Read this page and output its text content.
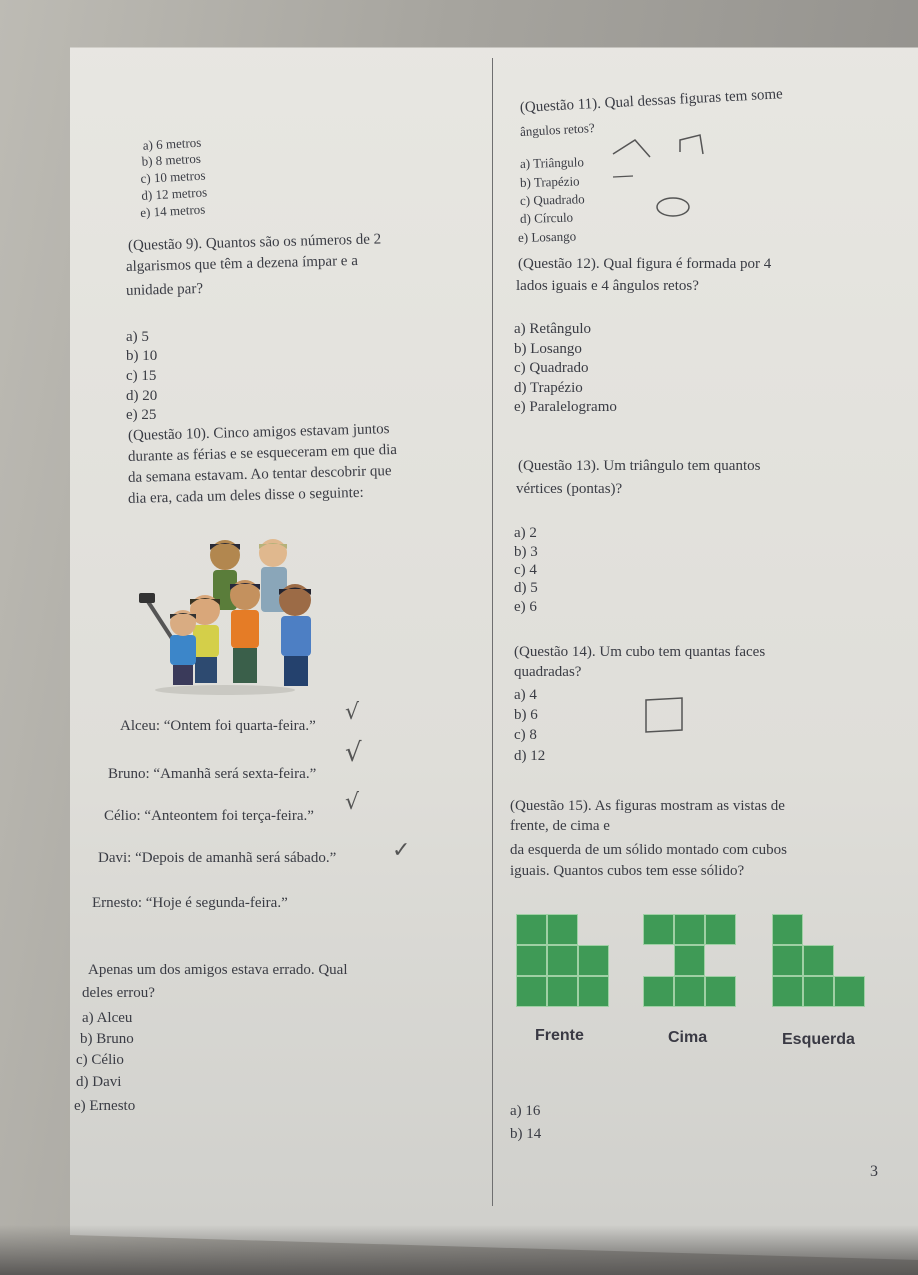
a) 6 metros
b) 8 metros
c) 10 metros
d) 12 metros
e) 14 metros
(Questão 9). Quantos são os números de 2
algarismos que têm a dezena ímpar e a
unidade par?
a) 5
b) 10
c) 15
d) 20
e) 25
(Questão 10). Cinco amigos estavam juntos
durante as férias e se esqueceram em que dia
da semana estavam. Ao tentar descobrir que
dia era, cada um deles disse o seguinte:
Alceu: “Ontem foi quarta-feira.”
√
Bruno: “Amanhã será sexta-feira.”
√
Célio: “Anteontem foi terça-feira.”
√
Davi: “Depois de amanhã será sábado.”	✓
Ernesto: “Hoje é segunda-feira.”
Apenas um dos amigos estava errado. Qual
deles errou?
a) Alceu
b) Bruno
c) Célio
d) Davi
e) Ernesto
(Questão 11). Qual dessas figuras tem some
ângulos retos?
a) Triângulo
b) Trapézio
c) Quadrado
d) Círculo
e) Losango
(Questão 12). Qual figura é formada por 4
lados iguais e 4 ângulos retos?
a) Retângulo
b) Losango
c) Quadrado
d) Trapézio
e) Paralelogramo
(Questão 13). Um triângulo tem quantos
vértices (pontas)?
a) 2
b) 3
c) 4
d) 5
e) 6
(Questão 14). Um cubo tem quantas faces
quadradas?
a) 4
b) 6
c) 8
d) 12
(Questão 15). As figuras mostram as vistas de
frente, de cima e
da esquerda de um sólido montado com cubos
iguais. Quantos cubos tem esse sólido?
Frente	Cima	Esquerda
a) 16
b) 14
3
